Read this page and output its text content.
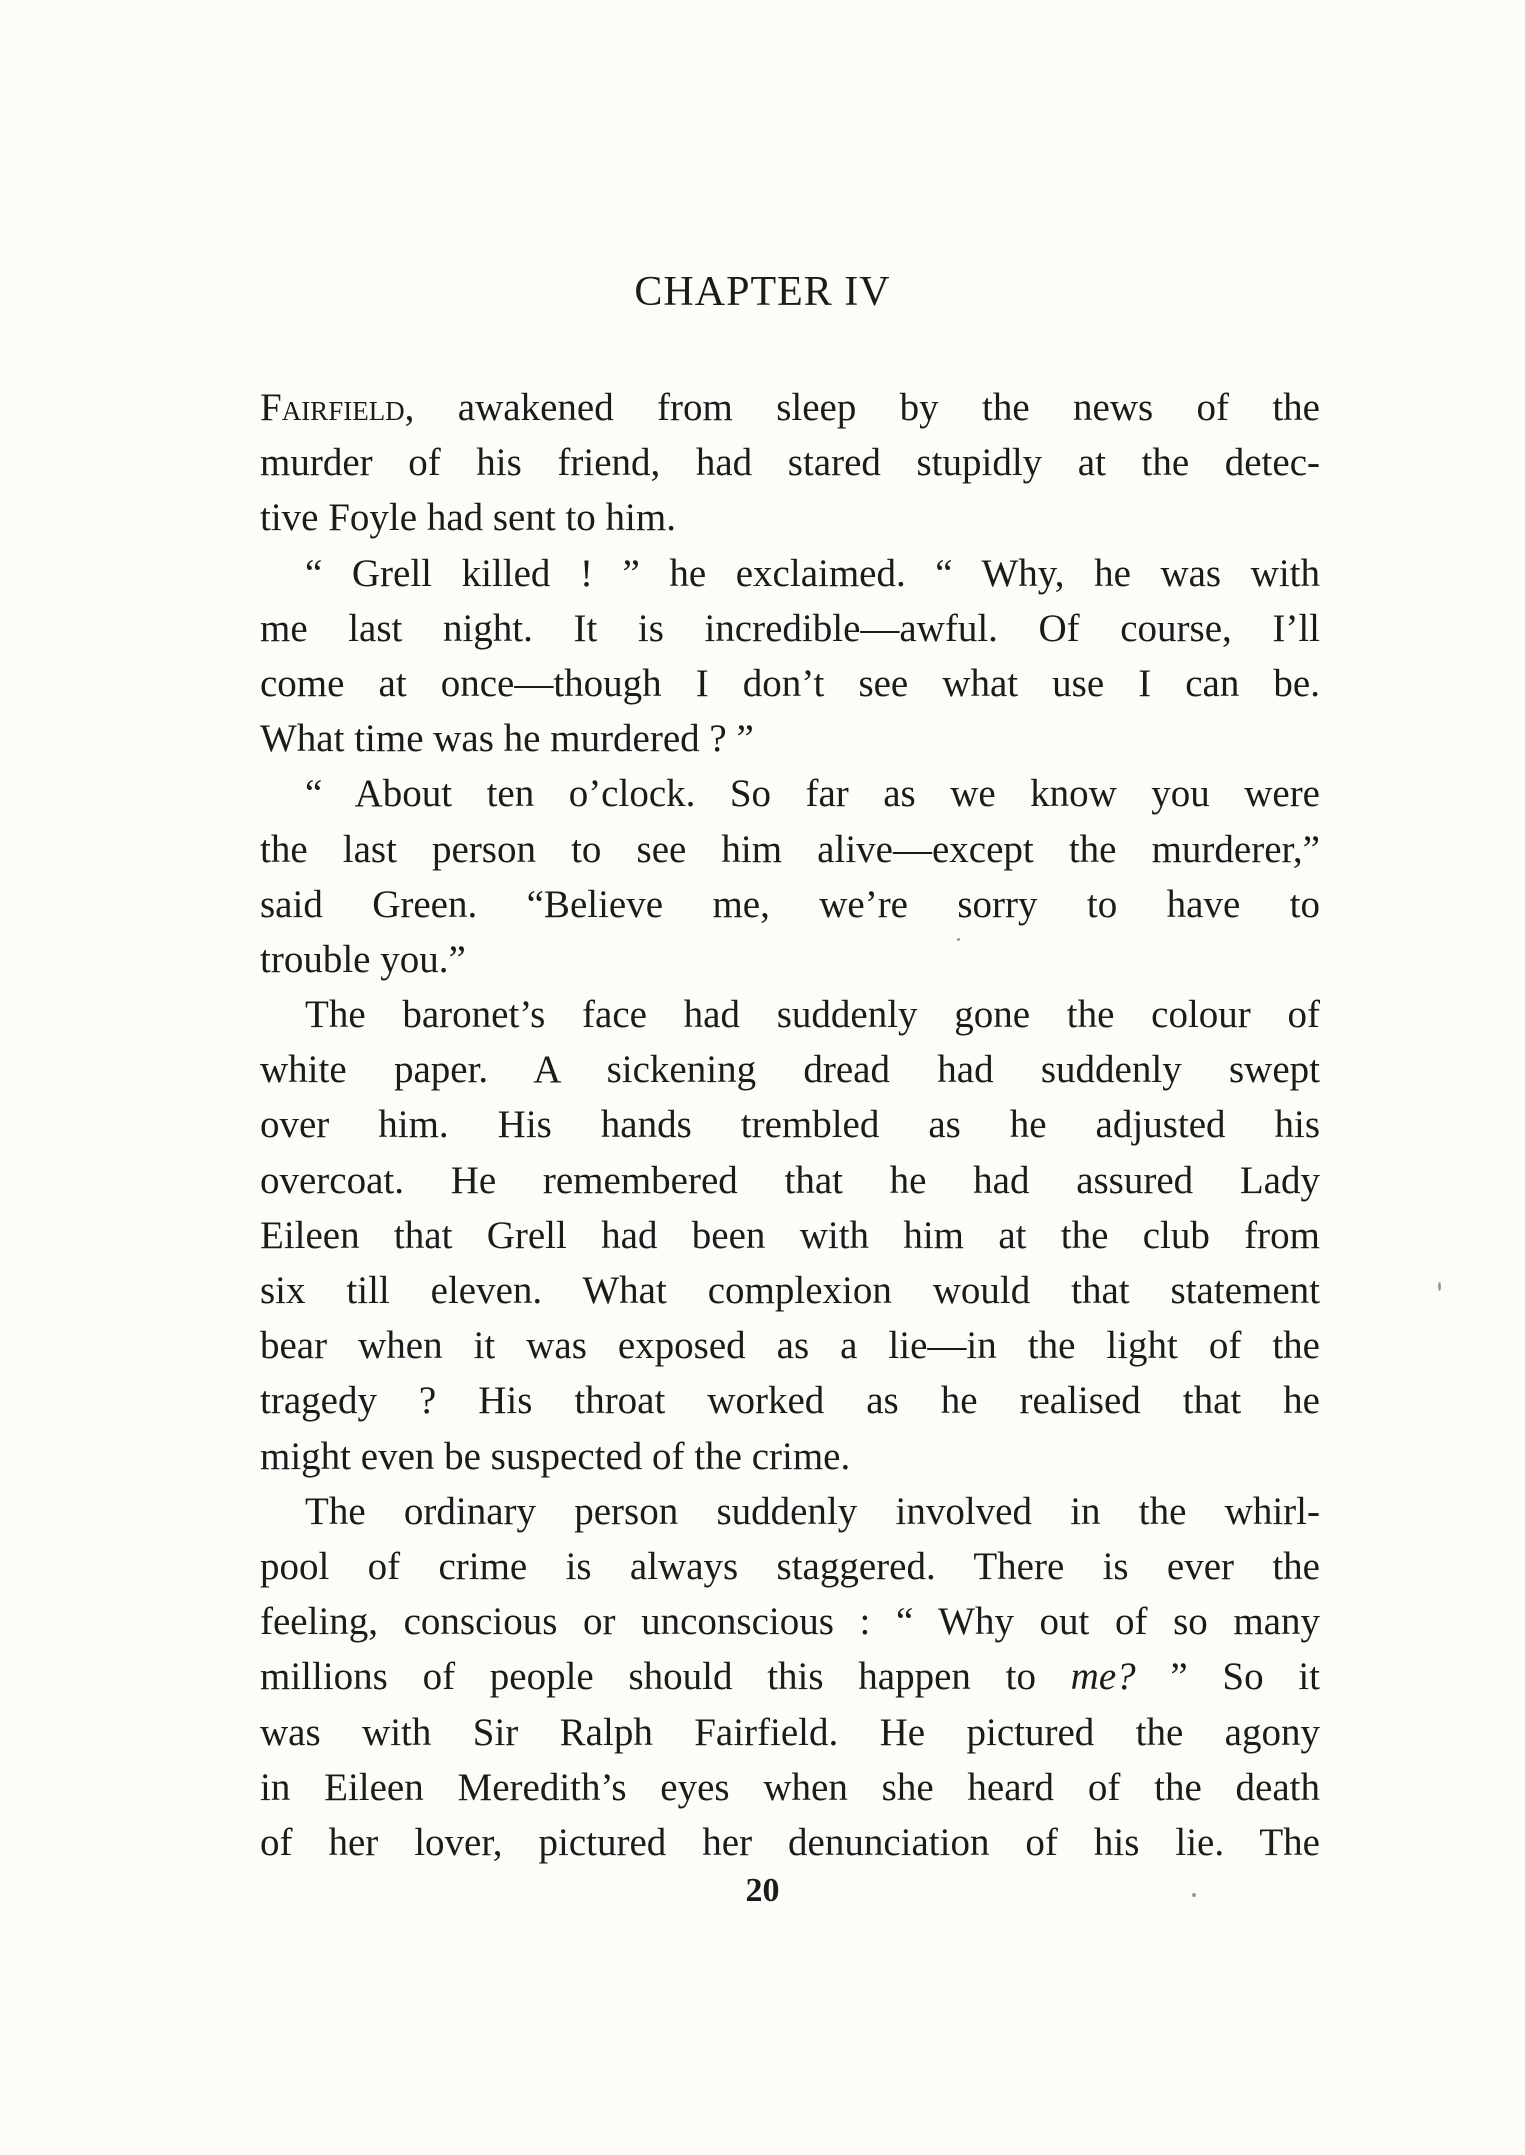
CHAPTER IV
Fairfield, awakened from sleep by the news of the
murder of his friend, had stared stupidly at the detec-
tive Foyle had sent to him.
“ Grell killed ! ” he exclaimed. “ Why, he was with
me last night. It is incredible—awful. Of course, I’ll
come at once—though I don’t see what use I can be.
What time was he murdered ? ”
“ About ten o’clock. So far as we know you were
the last person to see him alive—except the murderer,”
said Green. “Believe me, we’re sorry to have to
trouble you.”
The baronet’s face had suddenly gone the colour of
white paper. A sickening dread had suddenly swept
over him. His hands trembled as he adjusted his
overcoat. He remembered that he had assured Lady
Eileen that Grell had been with him at the club from
six till eleven. What complexion would that statement
bear when it was exposed as a lie—in the light of the
tragedy ? His throat worked as he realised that he
might even be suspected of the crime.
The ordinary person suddenly involved in the whirl-
pool of crime is always staggered. There is ever the
feeling, conscious or unconscious : “ Why out of so many
millions of people should this happen to me? ” So it
was with Sir Ralph Fairfield. He pictured the agony
in Eileen Meredith’s eyes when she heard of the death
of her lover, pictured her denunciation of his lie. The
20
